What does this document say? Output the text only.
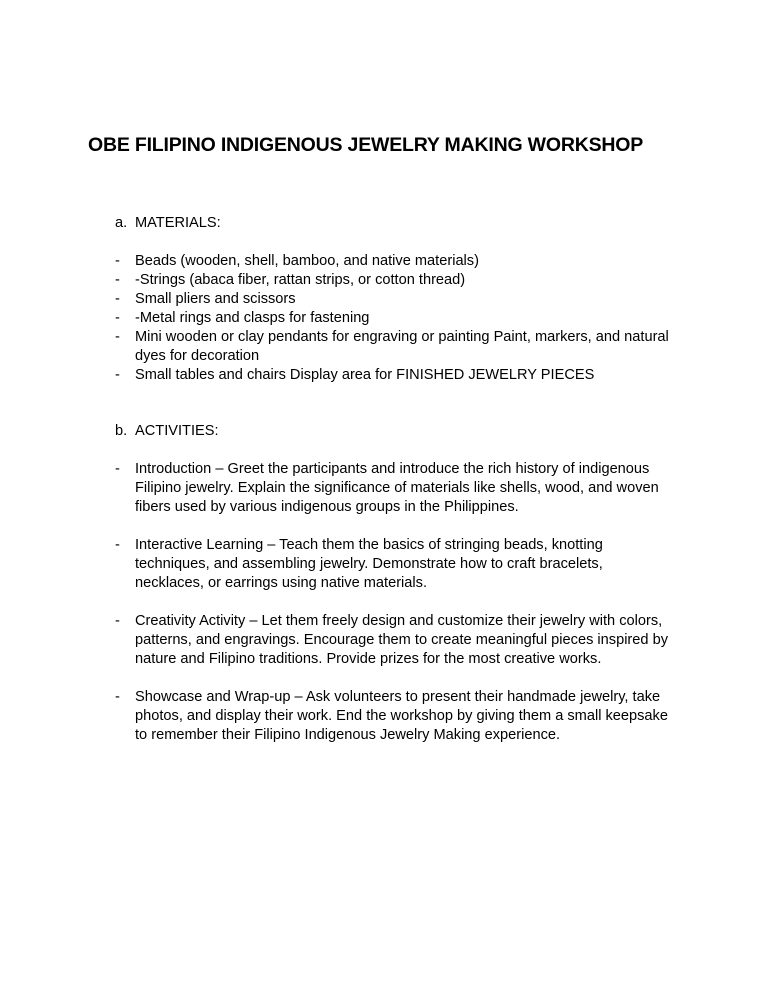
OBE FILIPINO INDIGENOUS JEWELRY MAKING WORKSHOP
a. MATERIALS:
- Beads (wooden, shell, bamboo, and native materials)
- -Strings (abaca fiber, rattan strips, or cotton thread)
- Small pliers and scissors
- -Metal rings and clasps for fastening
- Mini wooden or clay pendants for engraving or painting Paint, markers, and natural dyes for decoration
- Small tables and chairs Display area for FINISHED JEWELRY PIECES
b. ACTIVITIES:
- Introduction – Greet the participants and introduce the rich history of indigenous Filipino jewelry. Explain the significance of materials like shells, wood, and woven fibers used by various indigenous groups in the Philippines.
- Interactive Learning – Teach them the basics of stringing beads, knotting techniques, and assembling jewelry. Demonstrate how to craft bracelets, necklaces, or earrings using native materials.
- Creativity Activity – Let them freely design and customize their jewelry with colors, patterns, and engravings. Encourage them to create meaningful pieces inspired by nature and Filipino traditions. Provide prizes for the most creative works.
- Showcase and Wrap-up – Ask volunteers to present their handmade jewelry, take photos, and display their work. End the workshop by giving them a small keepsake to remember their Filipino Indigenous Jewelry Making experience.
